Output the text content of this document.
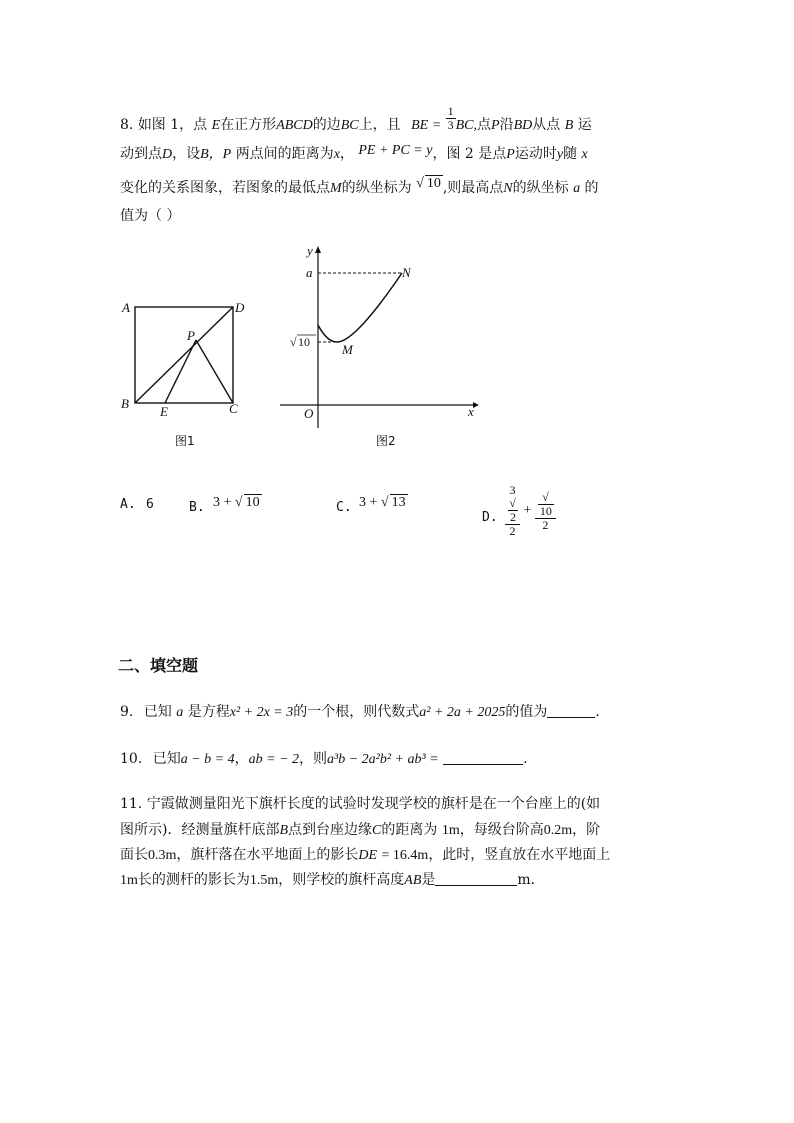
8. 如图 1，点 E在正方形ABCD的边BC上，且 BE = $\frac{1}{3}$ BC,点P沿BD从点 B 运
动到点D，设B，P 两点间的距离为x， PE + PC = y，图 2 是点P运动时y随 x
变化的关系图象，若图象的最低点M的纵坐标为 √ 10 ,则最高点N的纵坐标 a 的
值为（ ）
A	D
P
B
E	C
图1
y
a	N
√ 10 M
O	x
图2
A. 6	B. 3 + √ 10	C. 3 + √ 13
D. 3
√
2
2 + √
10
2
二、填空题
9. 已知 a 是方程x² + 2x = 3的一个根，则代数式a² + 2a + 2025的值为	.
10. 已知a − b = 4，ab = − 2，则a³b − 2a²b² + ab³ =	.
11. 宁霞做测量阳光下旗杆长度的试验时发现学校的旗杆是在一个台座上的(如
图所示)．经测量旗杆底部B点到台座边缘C的距离为 1m，每级台阶高0.2m，阶
面长0.3m，旗杆落在水平地面上的影长DE = 16.4m，此时，竖直放在水平地面上
1m长的测杆的影长为1.5m，则学校的旗杆高度AB是	m．
